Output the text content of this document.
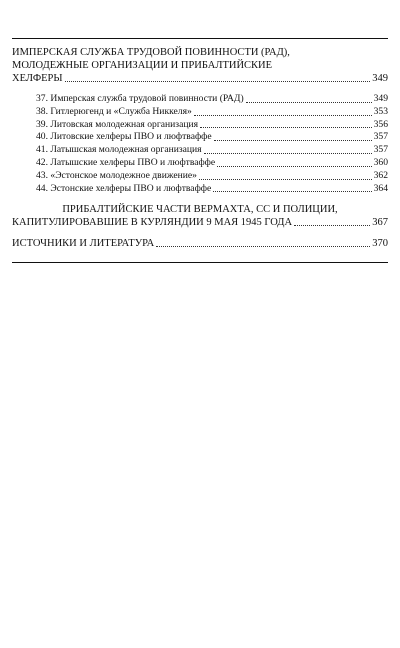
ИМПЕРСКАЯ СЛУЖБА ТРУДОВОЙ ПОВИННОСТИ (РАД),
МОЛОДЕЖНЫЕ ОРГАНИЗАЦИИ И ПРИБАЛТИЙСКИЕ
ХЕЛФЕРЫ	349
37. Имперская служба трудовой повинности (РАД)	349
38. Гитлерюгенд и «Служба Никкеля»	353
39. Литовская молодежная организация	356
40. Литовские хелферы ПВО и люфтваффе	357
41. Латышская молодежная организация	357
42. Латышские хелферы ПВО и люфтваффе	360
43. «Эстонское молодежное движение»	362
44. Эстонские хелферы ПВО и люфтваффе	364
ПРИБАЛТИЙСКИЕ ЧАСТИ ВЕРМАХТА, СС И ПОЛИЦИИ,
КАПИТУЛИРОВАВШИЕ В КУРЛЯНДИИ 9 МАЯ 1945 ГОДА	367
ИСТОЧНИКИ И ЛИТЕРАТУРА	370
